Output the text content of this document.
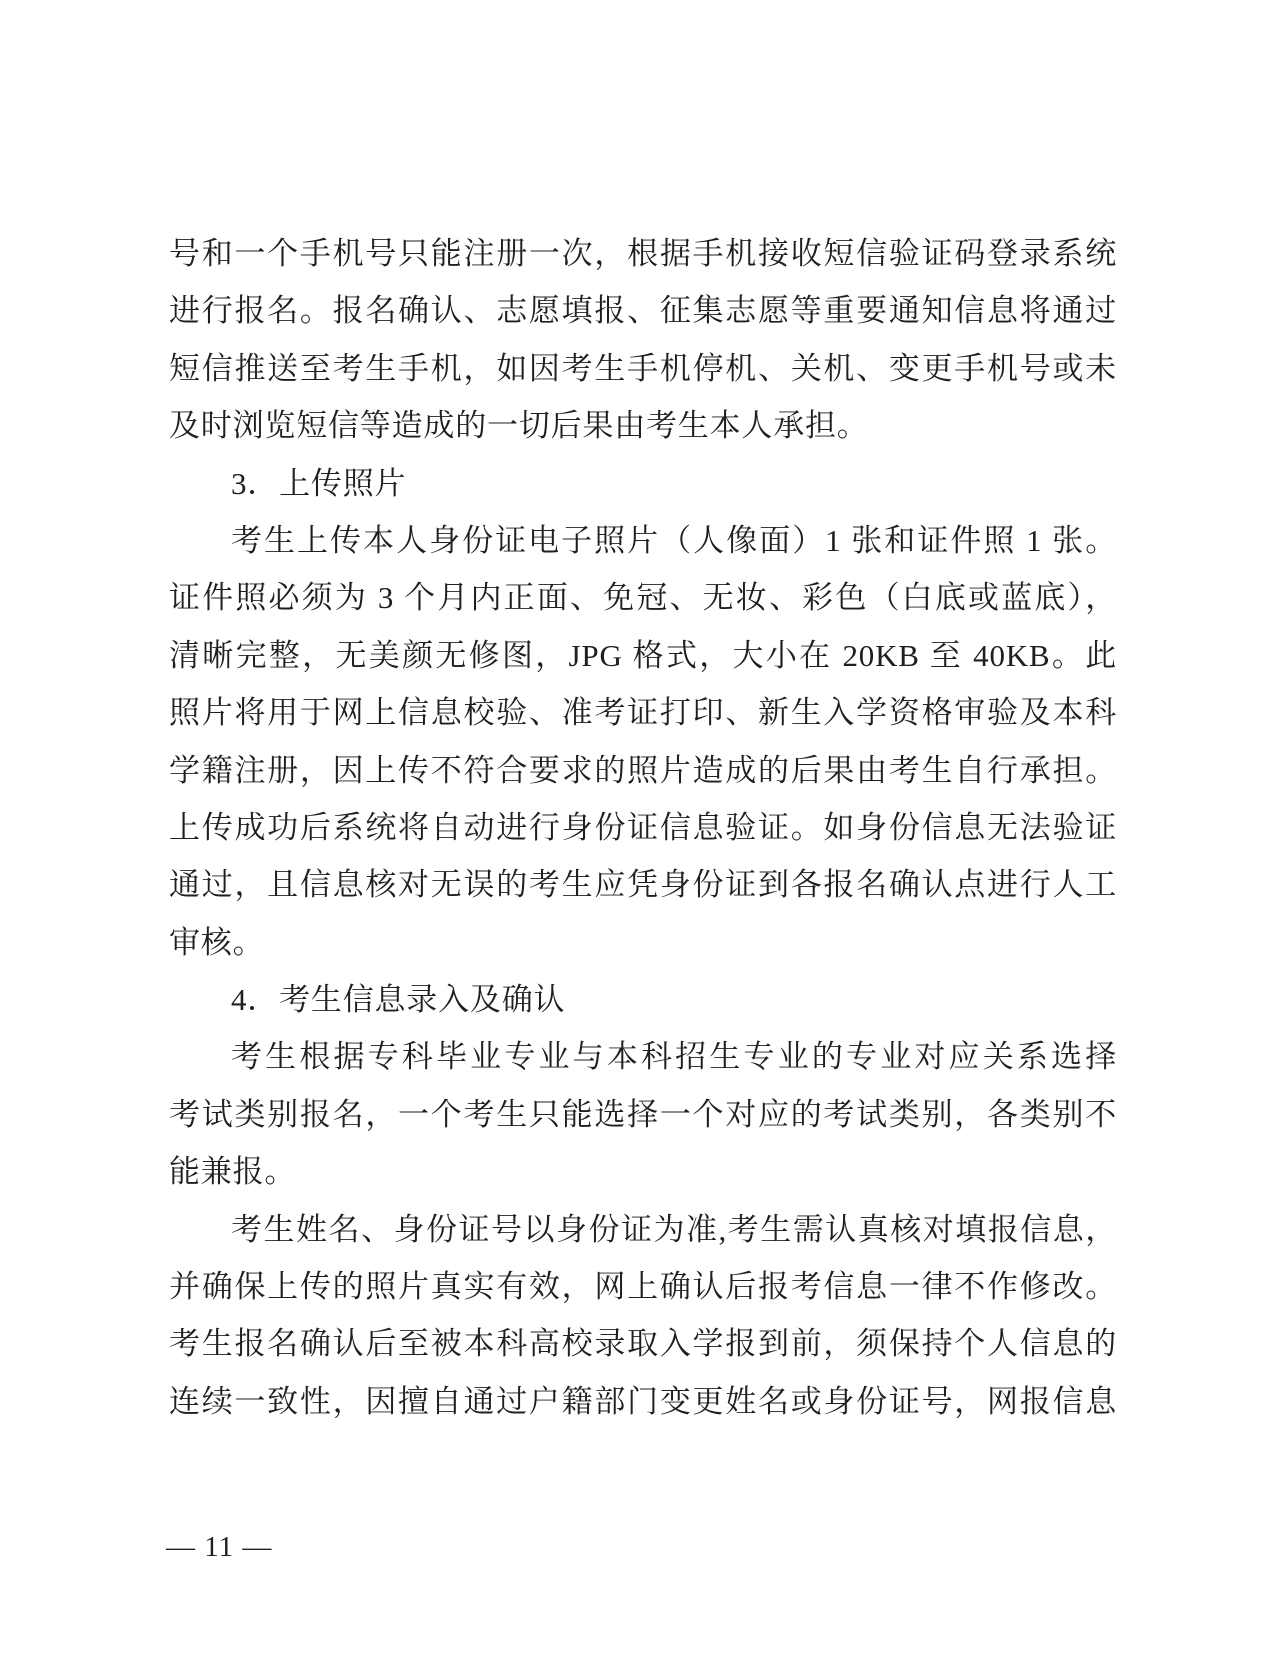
号和一个手机号只能注册一次，根据手机接收短信验证码登录系统
进行报名。报名确认、志愿填报、征集志愿等重要通知信息将通过
短信推送至考生手机，如因考生手机停机、关机、变更手机号或未
及时浏览短信等造成的一切后果由考生本人承担。
3．上传照片
考生上传本人身份证电子照片（人像面）1 张和证件照 1 张。
证件照必须为 3 个月内正面、免冠、无妆、彩色（白底或蓝底），
清晰完整，无美颜无修图，JPG 格式，大小在 20KB 至 40KB。此
照片将用于网上信息校验、准考证打印、新生入学资格审验及本科
学籍注册，因上传不符合要求的照片造成的后果由考生自行承担。
上传成功后系统将自动进行身份证信息验证。如身份信息无法验证
通过，且信息核对无误的考生应凭身份证到各报名确认点进行人工
审核。
4．考生信息录入及确认
考生根据专科毕业专业与本科招生专业的专业对应关系选择
考试类别报名，一个考生只能选择一个对应的考试类别，各类别不
能兼报。
考生姓名、身份证号以身份证为准,考生需认真核对填报信息，
并确保上传的照片真实有效，网上确认后报考信息一律不作修改。
考生报名确认后至被本科高校录取入学报到前，须保持个人信息的
连续一致性，因擅自通过户籍部门变更姓名或身份证号，网报信息
— 11 —
